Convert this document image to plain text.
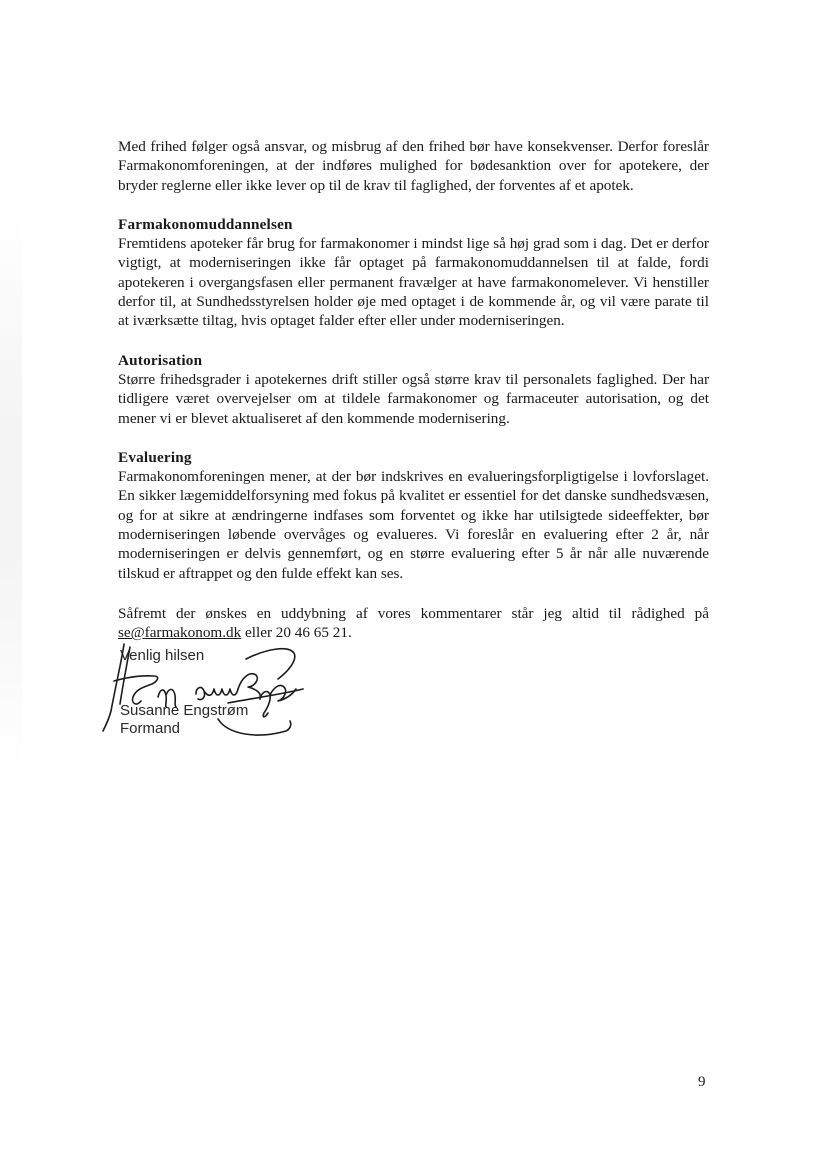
Med frihed følger også ansvar, og misbrug af den frihed bør have konsekvenser. Derfor foreslår Farmakonomforeningen, at der indføres mulighed for bødesanktion over for apotekere, der bryder reglerne eller ikke lever op til de krav til faglighed, der forventes af et apotek.

Farmakonomuddannelsen

Fremtidens apoteker får brug for farmakonomer i mindst lige så høj grad som i dag. Det er derfor vigtigt, at moderniseringen ikke får optaget på farmakonomuddannelsen til at falde, fordi apotekeren i overgangsfasen eller permanent fravælger at have farmakonomelever. Vi henstiller derfor til, at Sundhedsstyrelsen holder øje med optaget i de kommende år, og vil være parate til at iværksætte tiltag, hvis optaget falder efter eller under moderniseringen.

Autorisation

Større frihedsgrader i apotekernes drift stiller også større krav til personalets faglighed. Der har tidligere været overvejelser om at tildele farmakonomer og farmaceuter autorisation, og det mener vi er blevet aktualiseret af den kommende modernisering.

Evaluering

Farmakonomforeningen mener, at der bør indskrives en evalueringsforpligtigelse i lovforslaget. En sikker lægemiddelforsyning med fokus på kvalitet er essentiel for det danske sundhedsvæsen, og for at sikre at ændringerne indfases som forventet og ikke har utilsigtede sideeffekter, bør moderniseringen løbende overvåges og evalueres. Vi foreslår en evaluering efter 2 år, når moderniseringen er delvis gennemført, og en større evaluering efter 5 år når alle nuværende tilskud er aftrappet og den fulde effekt kan ses.

Såfremt der ønskes en uddybning af vores kommentarer står jeg altid til rådighed på se@farmakonom.dk eller 20 46 65 21.

Venlig hilsen
Susanne Engstrøm
Formand
9
